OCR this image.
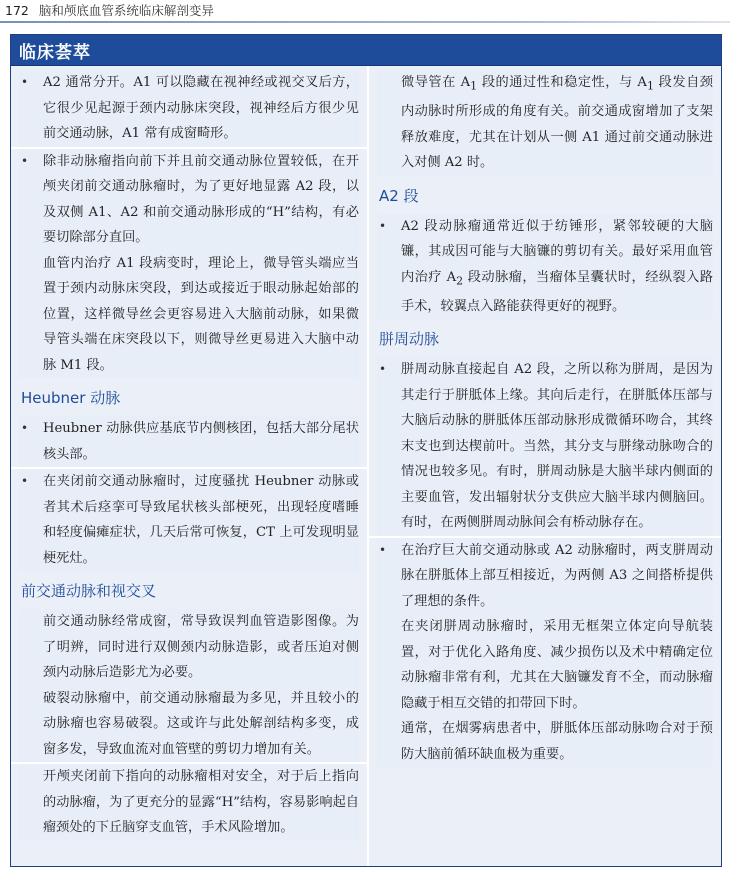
172 脑和颅底血管系统临床解剖变异
临床荟萃
• A2 通常分开。A1 可以隐藏在视神经或视交叉后方，它很少见起源于颈内动脉床突段，视神经后方很少见前交通动脉，A1 常有成窗畸形。
• 除非动脉瘤指向前下并且前交通动脉位置较低，在开颅夹闭前交通动脉瘤时，为了更好地显露 A2 段，以及双侧 A1、A2 和前交通动脉形成的“H”结构，有必要切除部分直回。
血管内治疗 A1 段病变时，理论上，微导管头端应当置于颈内动脉床突段，到达或接近于眼动脉起始部的位置，这样微导丝会更容易进入大脑前动脉，如果微导管头端在床突段以下，则微导丝更易进入大脑中动脉 M1 段。
Heubner 动脉
• Heubner 动脉供应基底节内侧核团，包括大部分尾状核头部。
• 在夹闭前交通动脉瘤时，过度骚扰 Heubner 动脉或者其术后痉挛可导致尾状核头部梗死，出现轻度嗜睡和轻度偏瘫症状，几天后常可恢复，CT 上可发现明显梗死灶。
前交通动脉和视交叉
前交通动脉经常成窗，常导致误判血管造影图像。为了明辨，同时进行双侧颈内动脉造影，或者压迫对侧颈内动脉后造影尤为必要。
破裂动脉瘤中，前交通动脉瘤最为多见，并且较小的动脉瘤也容易破裂。这或许与此处解剖结构多变，成窗多发，导致血流对血管壁的剪切力增加有关。
开颅夹闭前下指向的动脉瘤相对安全，对于后上指向的动脉瘤，为了更充分的显露“H”结构，容易影响起自瘤颈处的下丘脑穿支血管，手术风险增加。
微导管在 $A_1$ 段的通过性和稳定性，与 $A_1$ 段发自颈内动脉时所形成的角度有关。前交通成窗增加了支架释放难度，尤其在计划从一侧 A1 通过前交通动脉进入对侧 A2 时。
A2 段
• A2 段动脉瘤通常近似于纺锤形，紧邻较硬的大脑镰，其成因可能与大脑镰的剪切有关。最好采用血管内治疗 $A_2$ 段动脉瘤，当瘤体呈囊状时，经纵裂入路手术，较翼点入路能获得更好的视野。
胼周动脉
• 胼周动脉直接起自 A2 段，之所以称为胼周，是因为其走行于胼胝体上缘。其向后走行，在胼胝体压部与大脑后动脉的胼胝体压部动脉形成微循环吻合，其终末支也到达楔前叶。当然，其分支与胼缘动脉吻合的情况也较多见。有时，胼周动脉是大脑半球内侧面的主要血管，发出辐射状分支供应大脑半球内侧脑回。有时，在两侧胼周动脉间会有桥动脉存在。
• 在治疗巨大前交通动脉或 A2 动脉瘤时，两支胼周动脉在胼胝体上部互相接近，为两侧 A3 之间搭桥提供了理想的条件。
在夹闭胼周动脉瘤时，采用无框架立体定向导航装置，对于优化入路角度、减少损伤以及术中精确定位动脉瘤非常有利，尤其在大脑镰发育不全，而动脉瘤隐藏于相互交错的扣带回下时。
通常，在烟雾病患者中，胼胝体压部动脉吻合对于预防大脑前循环缺血极为重要。
